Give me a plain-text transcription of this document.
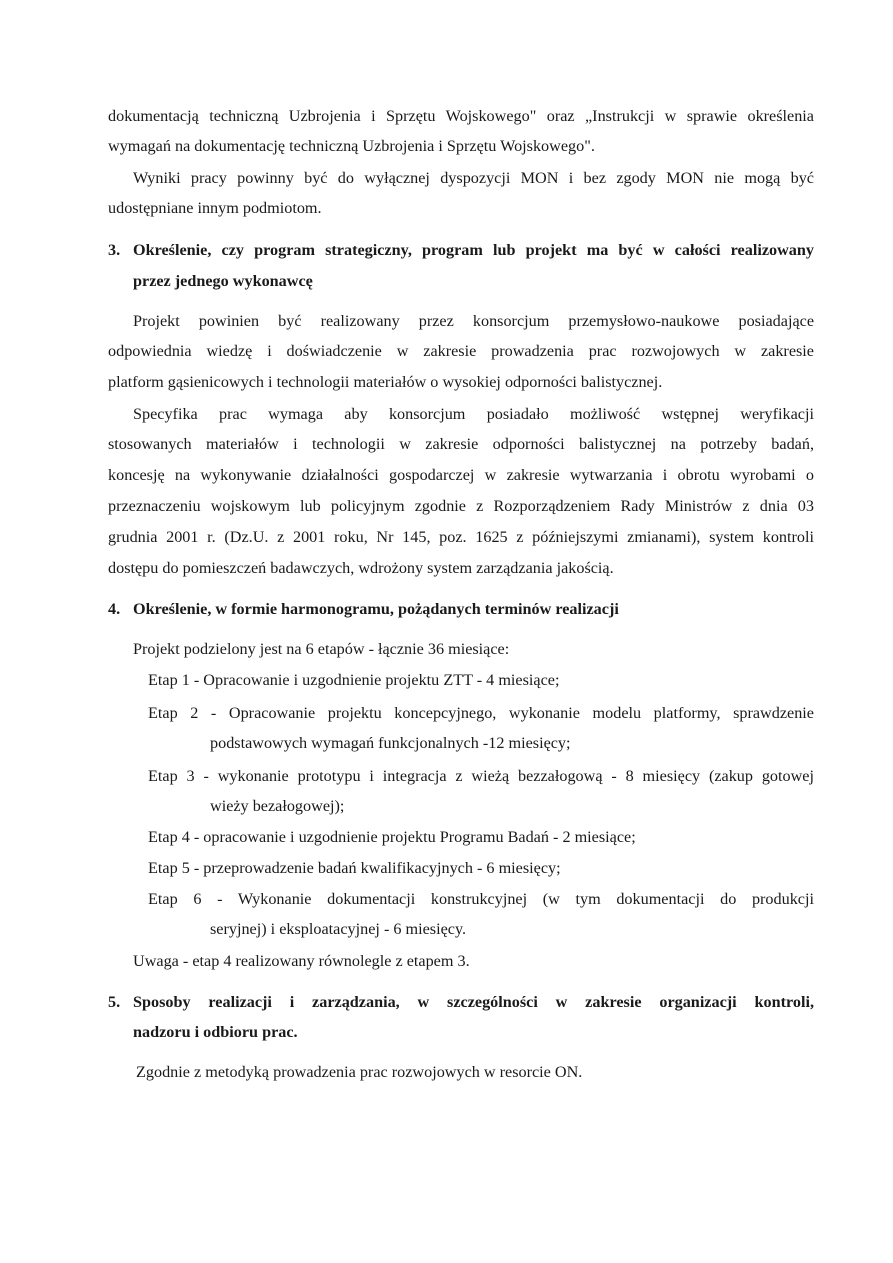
dokumentacją techniczną Uzbrojenia i Sprzętu Wojskowego" oraz „Instrukcji w sprawie określenia
wymagań na dokumentację techniczną Uzbrojenia i Sprzętu Wojskowego".
Wyniki pracy powinny być do wyłącznej dyspozycji MON i bez zgody MON nie mogą być
udostępniane innym podmiotom.
3. Określenie, czy program strategiczny, program lub projekt ma być w całości realizowany
przez jednego wykonawcę
Projekt powinien być realizowany przez konsorcjum przemysłowo-naukowe posiadające
odpowiednia wiedzę i doświadczenie w zakresie prowadzenia prac rozwojowych w zakresie
platform gąsienicowych i technologii materiałów o wysokiej odporności balistycznej.
Specyfika prac wymaga aby konsorcjum posiadało możliwość wstępnej weryfikacji
stosowanych materiałów i technologii w zakresie odporności balistycznej na potrzeby badań,
koncesję na wykonywanie działalności gospodarczej w zakresie wytwarzania i obrotu wyrobami o
przeznaczeniu wojskowym lub policyjnym zgodnie z Rozporządzeniem Rady Ministrów z dnia 03
grudnia 2001 r. (Dz.U. z 2001 roku, Nr 145, poz. 1625 z późniejszymi zmianami), system kontroli
dostępu do pomieszczeń badawczych, wdrożony system zarządzania jakością.
4. Określenie, w formie harmonogramu, pożądanych terminów realizacji
Projekt podzielony jest na 6 etapów - łącznie 36 miesiące:
Etap 1 - Opracowanie i uzgodnienie projektu ZTT - 4 miesiące;
Etap 2 - Opracowanie projektu koncepcyjnego, wykonanie modelu platformy, sprawdzenie
podstawowych wymagań funkcjonalnych -12 miesięcy;
Etap 3 - wykonanie prototypu i integracja z wieżą bezzałogową - 8 miesięcy (zakup gotowej
wieży bezałogowej);
Etap 4 - opracowanie i uzgodnienie projektu Programu Badań - 2 miesiące;
Etap 5 - przeprowadzenie badań kwalifikacyjnych - 6 miesięcy;
Etap 6 - Wykonanie dokumentacji konstrukcyjnej (w tym dokumentacji do produkcji
seryjnej) i eksploatacyjnej - 6 miesięcy.
Uwaga - etap 4 realizowany równolegle z etapem 3.
5. Sposoby realizacji i zarządzania, w szczególności w zakresie organizacji kontroli,
nadzoru i odbioru prac.
Zgodnie z metodyką prowadzenia prac rozwojowych w resorcie ON.
